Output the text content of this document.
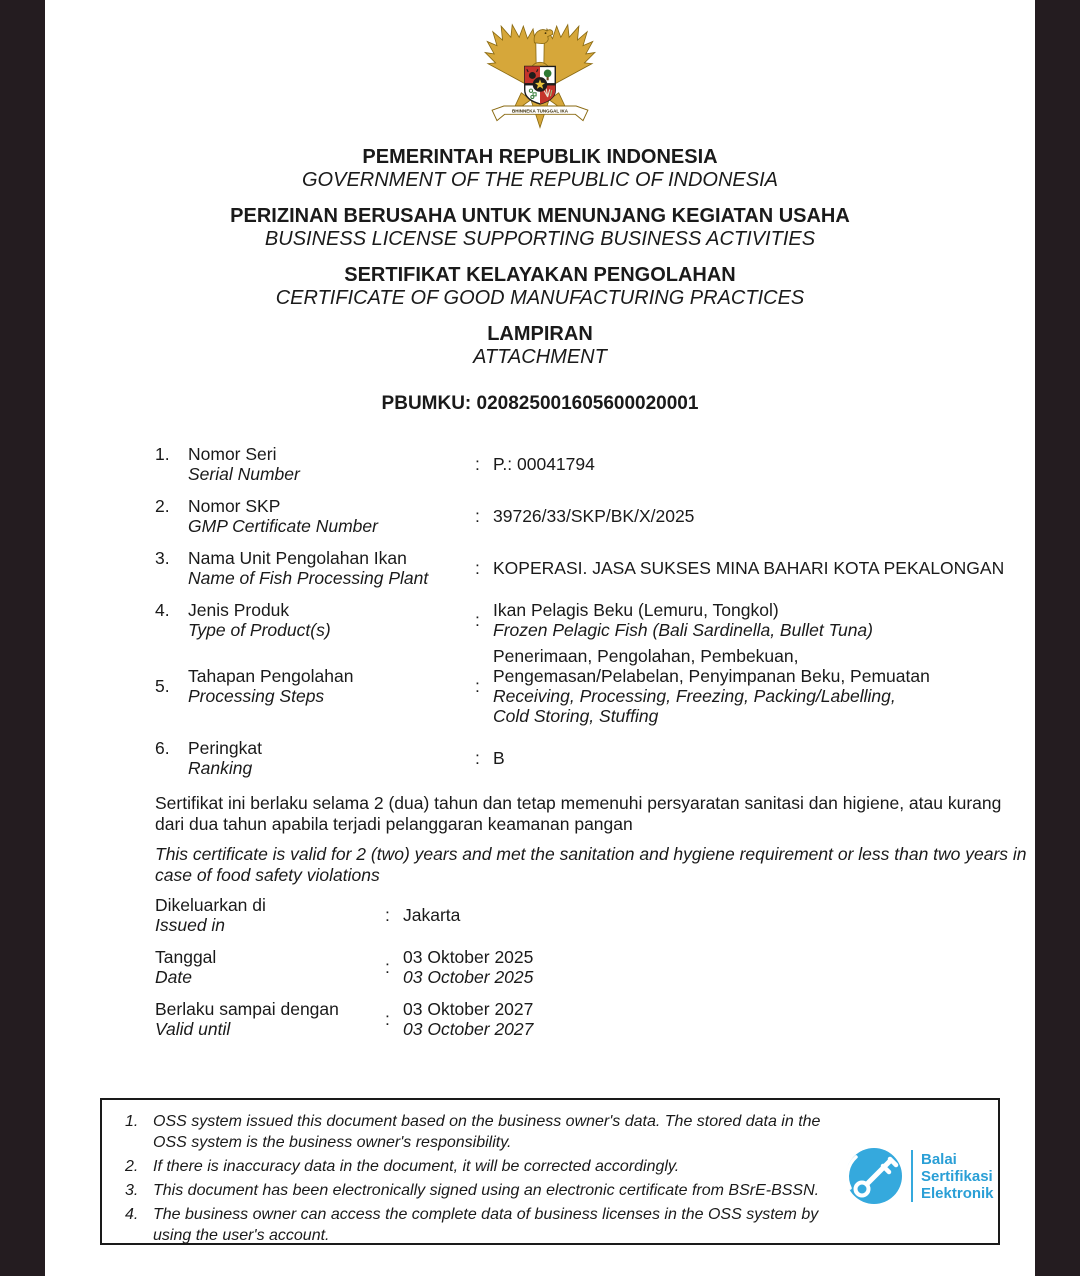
BHINNEKA TUNGGAL IKA
PEMERINTAH REPUBLIK INDONESIA
GOVERNMENT OF THE REPUBLIC OF INDONESIA
PERIZINAN BERUSAHA UNTUK MENUNJANG KEGIATAN USAHA
BUSINESS LICENSE SUPPORTING BUSINESS ACTIVITIES
SERTIFIKAT KELAYAKAN PENGOLAHAN
CERTIFICATE OF GOOD MANUFACTURING PRACTICES
LAMPIRAN
ATTACHMENT
PBUMKU: 020825001605600020001
1.	Nomor Seri
Serial Number	: P.: 00041794
2.	Nomor SKP
GMP Certificate Number	: 39726/33/SKP/BK/X/2025
3.	Nama Unit Pengolahan Ikan
Name of Fish Processing Plant	: KOPERASI. JASA SUKSES MINA BAHARI KOTA PEKALONGAN
4.	Jenis Produk
Type of Product(s)	: Ikan Pelagis Beku (Lemuru, Tongkol)
Frozen Pelagic Fish (Bali Sardinella, Bullet Tuna)
5.	Tahapan Pengolahan
Processing Steps	:
Penerimaan, Pengolahan, Pembekuan,
Pengemasan/Pelabelan, Penyimpanan Beku, Pemuatan
Receiving, Processing, Freezing, Packing/Labelling,
Cold Storing, Stuffing
6.	Peringkat
Ranking	: B

Sertifikat ini berlaku selama 2 (dua) tahun dan tetap memenuhi persyaratan sanitasi dan higiene, atau kurang dari dua tahun apabila terjadi pelanggaran keamanan pangan

This certificate is valid for 2 (two) years and met the sanitation and hygiene requirement or less than two years in case of food safety violations

Dikeluarkan di
Issued in	: Jakarta
Tanggal
Date	: 03 Oktober 2025
03 October 2025
Berlaku sampai dengan
Valid until	: 03 Oktober 2027
03 October 2027
1. OSS system issued this document based on the business owner's data. The stored data in the OSS system is the business owner's responsibility.
2. If there is inaccuracy data in the document, it will be corrected accordingly.
3. This document has been electronically signed using an electronic certificate from BSrE-BSSN.
4. The business owner can access the complete data of business licenses in the OSS system by using the user's account.
Balai
Sertifikasi
Elektronik
